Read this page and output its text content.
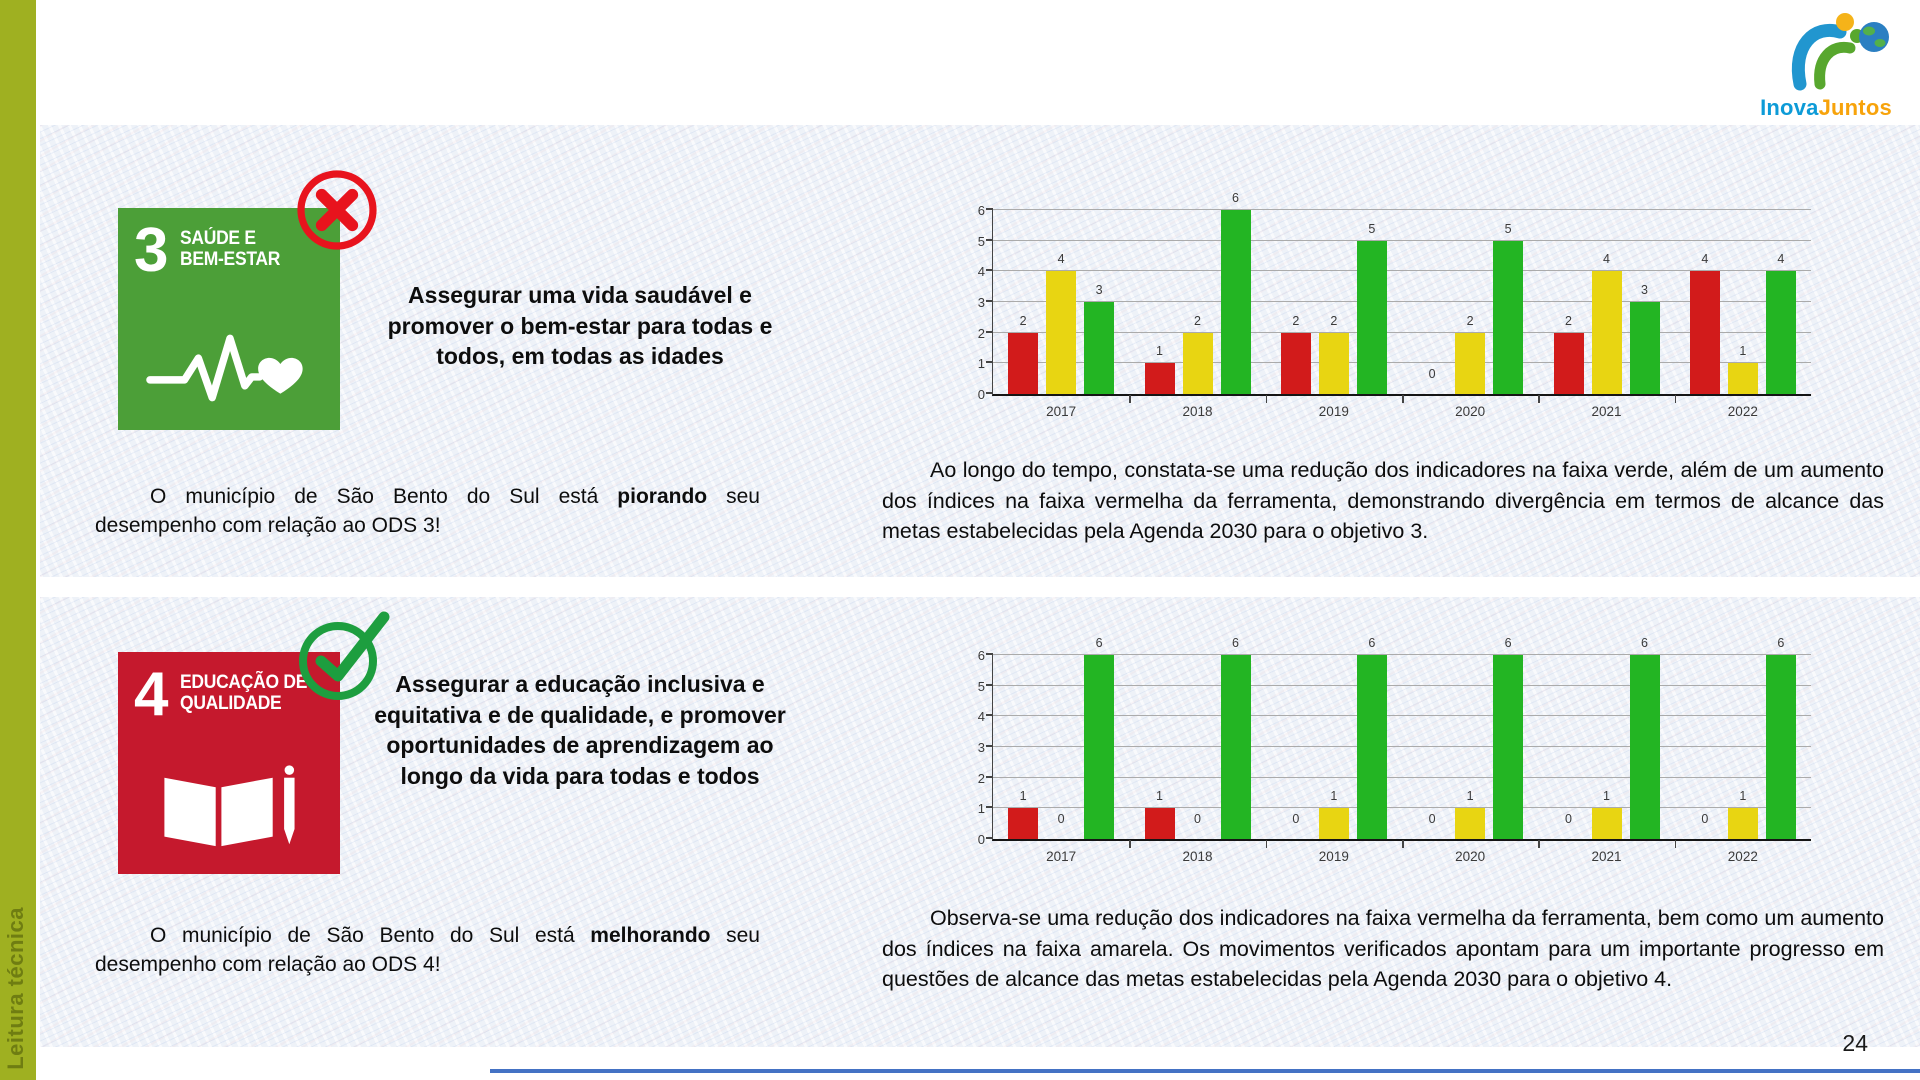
Leitura técnica
InovaJuntos
3 SAÚDE E
BEM-ESTAR
Assegurar uma vida saudável e promover o bem-estar para todas e todos, em todas as idades
0
1
2
3
4
5
6
2
4
3
2017
1
2
6
2018
2	2
5
2019
0
2
5
2020
2
4
3
2021
4
1
4
2022

O município de São Bento do Sul está piorando seu desempenho com relação ao ODS 3!

Ao longo do tempo, constata-se uma redução dos indicadores na faixa verde, além de um aumento dos índices na faixa vermelha da ferramenta, demonstrando divergência em termos de alcance das metas estabelecidas pela Agenda 2030 para o objetivo 3.

4 EDUCAÇÃO DE
QUALIDADE
Assegurar a educação inclusiva e equitativa e de qualidade, e promover oportunidades de aprendizagem ao longo da vida para todas e todos
0
1
2
3
4
5
6
1
0
6
2017
1
0
6
2018
0
1
6
2019
0
1
6
2020
0
1
6
2021
0
1
6
2022

O município de São Bento do Sul está melhorando seu desempenho com relação ao ODS 4!

Observa-se uma redução dos indicadores na faixa vermelha da ferramenta, bem como um aumento dos índices na faixa amarela. Os movimentos verificados apontam para um importante progresso em questões de alcance das metas estabelecidas pela Agenda 2030 para o objetivo 4.

24
